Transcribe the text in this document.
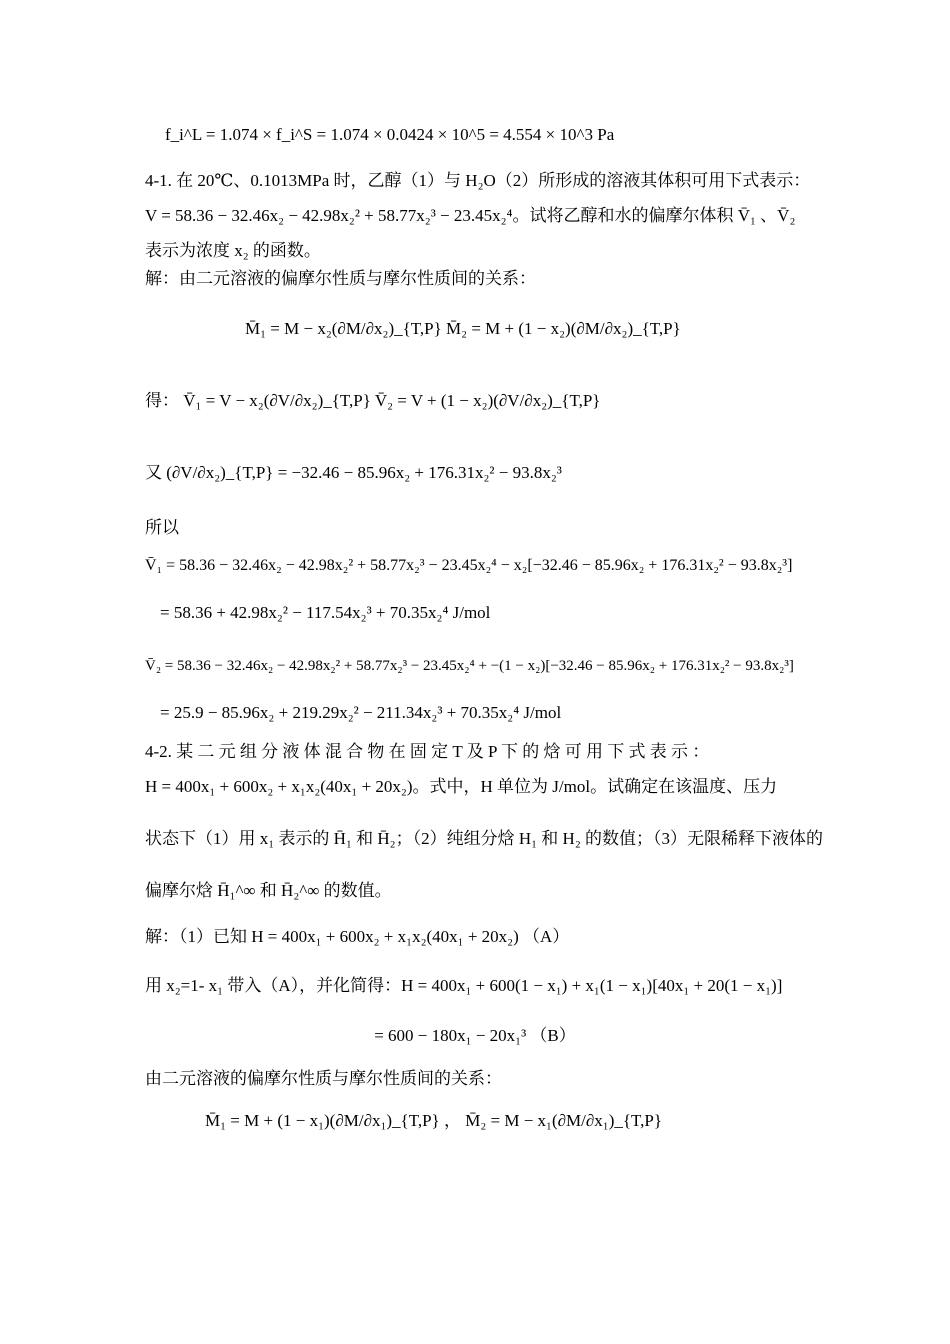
f_i^L = 1.074 × f_i^S = 1.074 × 0.0424 × 10^5 = 4.554 × 10^3 Pa
4-1. 在 20℃、0.1013MPa 时，乙醇（1）与 H₂O（2）所形成的溶液其体积可用下式表示：
V = 58.36 − 32.46x₂ − 42.98x₂² + 58.77x₂³ − 23.45x₂⁴。试将乙醇和水的偏摩尔体积 V̄₁ 、V̄₂
表示为浓度 x₂ 的函数。
解：由二元溶液的偏摩尔性质与摩尔性质间的关系：
M̄₁ = M − x₂(∂M/∂x₂)_{T,P} M̄₂ = M + (1 − x₂)(∂M/∂x₂)_{T,P}
得： V̄₁ = V − x₂(∂V/∂x₂)_{T,P} V̄₂ = V + (1 − x₂)(∂V/∂x₂)_{T,P}
又 (∂V/∂x₂)_{T,P} = −32.46 − 85.96x₂ + 176.31x₂² − 93.8x₂³
所以
V̄₁ = 58.36 − 32.46x₂ − 42.98x₂² + 58.77x₂³ − 23.45x₂⁴ − x₂[−32.46 − 85.96x₂ + 176.31x₂² − 93.8x₂³]
= 58.36 + 42.98x₂² − 117.54x₂³ + 70.35x₂⁴ J/mol
V̄₂ = 58.36 − 32.46x₂ − 42.98x₂² + 58.77x₂³ − 23.45x₂⁴ + −(1 − x₂)[−32.46 − 85.96x₂ + 176.31x₂² − 93.8x₂³]
= 25.9 − 85.96x₂ + 219.29x₂² − 211.34x₂³ + 70.35x₂⁴ J/mol
4-2. 某 二 元 组 分 液 体 混 合 物 在 固 定 T 及 P 下 的 焓 可 用 下 式 表 示 ：
H = 400x₁ + 600x₂ + x₁x₂(40x₁ + 20x₂)。式中，H 单位为 J/mol。试确定在该温度、压力
状态下（1）用 x₁ 表示的 H̄₁ 和 H̄₂；（2）纯组分焓 H₁ 和 H₂ 的数值；（3）无限稀释下液体的
偏摩尔焓 H̄₁^∞ 和 H̄₂^∞ 的数值。
解：（1）已知 H = 400x₁ + 600x₂ + x₁x₂(40x₁ + 20x₂) （A）
用 x₂=1- x₁ 带入（A），并化简得：H = 400x₁ + 600(1 − x₁) + x₁(1 − x₁)[40x₁ + 20(1 − x₁)]
= 600 − 180x₁ − 20x₁³ （B）
由二元溶液的偏摩尔性质与摩尔性质间的关系：
M̄₁ = M + (1 − x₁)(∂M/∂x₁)_{T,P} ， M̄₂ = M − x₁(∂M/∂x₁)_{T,P}
